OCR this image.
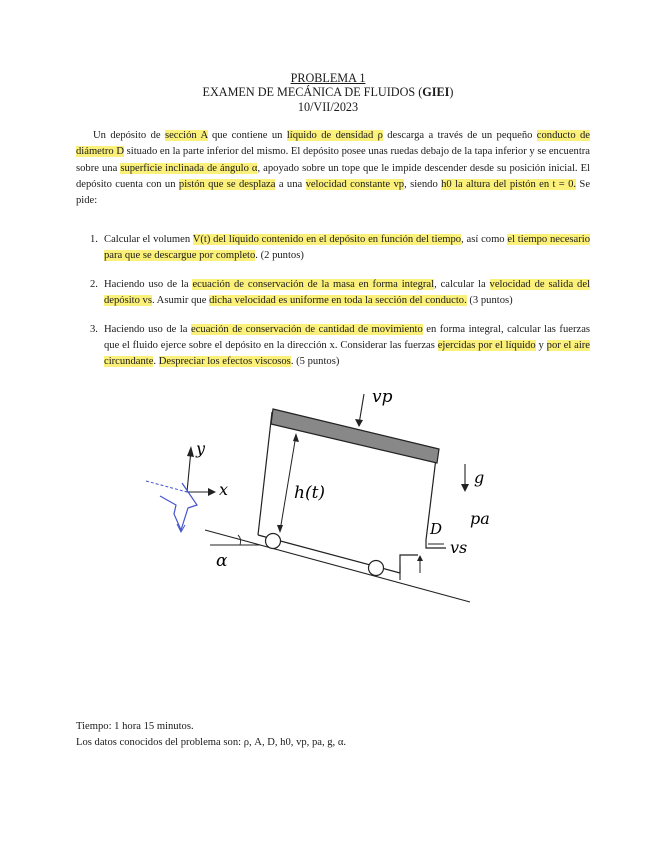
PROBLEMA 1
EXAMEN DE MECÁNICA DE FLUIDOS (GIEI)
10/VII/2023
Un depósito de sección A que contiene un líquido de densidad ρ descarga a través de un pequeño conducto de diámetro D situado en la parte inferior del mismo. El depósito posee unas ruedas debajo de la tapa inferior y se encuentra sobre una superficie inclinada de ángulo α, apoyado sobre un tope que le impide descender desde su posición inicial. El depósito cuenta con un pistón que se desplaza a una velocidad constante vp, siendo h0 la altura del pistón en t = 0. Se pide:
1. Calcular el volumen V(t) del líquido contenido en el depósito en función del tiempo, así como el tiempo necesario para que se descargue por completo. (2 puntos)
2. Haciendo uso de la ecuación de conservación de la masa en forma integral, calcular la velocidad de salida del depósito vs. Asumir que dicha velocidad es uniforme en toda la sección del conducto. (3 puntos)
3. Haciendo uso de la ecuación de conservación de cantidad de movimiento en forma integral, calcular las fuerzas que el fluido ejerce sobre el depósito en la dirección x. Considerar las fuerzas ejercidas por el líquido y por el aire circundante. Despreciar los efectos viscosos. (5 puntos)
α
vp
h(t)
g
pa
D
vs
y
x
Tiempo: 1 hora 15 minutos.
Los datos conocidos del problema son: ρ, A, D, h0, vp, pa, g, α.
